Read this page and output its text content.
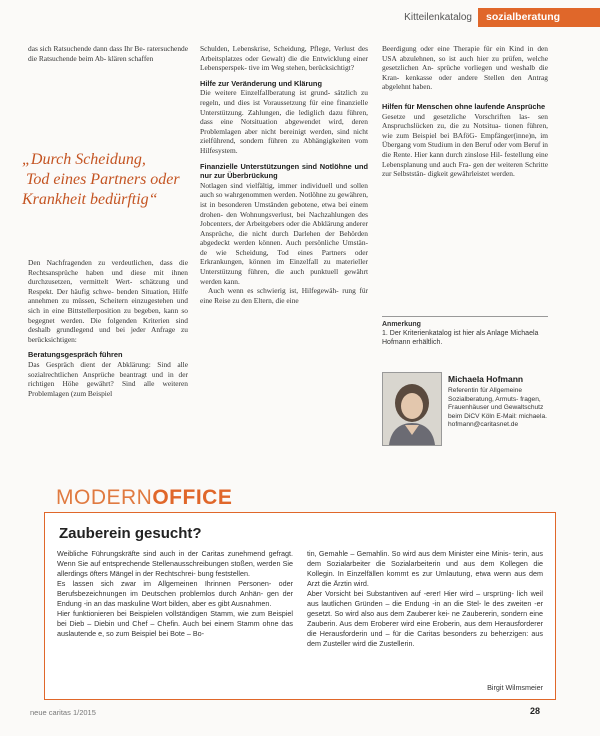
Kitteilenkatalog	sozialberatung

das sich Ratsuchende dann dass Ihr Be- ratersuchende die Ratsuchende beim Ab- klären schaffen

„Durch Scheidung,
Tod eines Partners oder
Krankheit bedürftig“

Den Nachfragenden zu verdeutlichen, dass die Rechtsansprüche haben und diese mit ihnen durchzusetzen, vermittelt Wert- schätzung und Respekt. Der häufig schwe- benden Situation, Hilfe annehmen zu müssen, Scheitern einzugestehen und sich in eine Bittstellerposition zu begeben, kann so begegnet werden. Die folgenden Kriterien sind deshalb grundlegend und bei jeder Anfrage zu berücksichtigen:

Beratungsgespräch führen

Das Gespräch dient der Abklärung: Sind alle sozialrechtlichen Ansprüche beantragt und in der richtigen Höhe gewährt? Sind alle weiteren Problemlagen (zum Beispiel

Schulden, Lebenskrise, Scheidung, Pflege, Verlust des Arbeitsplatzes oder Gewalt) die die Entwicklung einer Lebensperspek- tive im Weg stehen, berücksichtigt?

Hilfe zur Veränderung und Klärung

Die weitere Einzelfallberatung ist grund- sätzlich zu regeln, und dies ist Voraussetzung für eine finanzielle Unterstützung. Zahlungen, die lediglich dazu führen, dass eine Notsituation abgewendet wird, deren Problemlagen aber nicht bereinigt werden, sind nicht zielführend, sondern führen zu Abhängigkeiten vom Hilfesystem.

Finanzielle Unterstützungen sind Notlöhne und nur zur Überbrückung

Notlagen sind vielfältig, immer individuell und sollen auch so wahrgenommen werden. Notlöhne zu gewähren, ist in besonderen Umständen gebotene, etwa bei einem drohen- den Wohnungsverlust, bei Nachzahlungen des Jobcenters, der Arbeitgebers oder die Abklärung anderer Ansprüche, die nicht durch Darlehen der Behörden abgedeckt werden können. Auch persönliche Umstän- de wie Scheidung, Tod eines Partners oder Erkrankungen, können im Einzelfall zu materieller Unterstützung führen, die auch punktuell gewährt werden kann.

Auch wenn es schwierig ist, Hilfegewäh- rung für eine Reise zu den Eltern, die eine

Beerdigung oder eine Therapie für ein Kind in den USA abzulehnen, so ist auch hier zu prüfen, welche gesetzlichen An- sprüche vorliegen und weshalb die Kran- kenkasse oder andere Stellen den Antrag abgelehnt haben.

Hilfen für Menschen ohne laufende Ansprüche

Gesetze und gesetzliche Vorschriften las- sen Anspruchslücken zu, die zu Notsitua- tionen führen, wie zum Beispiel bei BAföG- Empfänger(inne)n, im Übergang vom Studium in den Beruf oder vom Beruf in die Rente. Hier kann durch zinslose Hil- festellung eine Lebensplanung und auch Fra- gen der weiteren Schritte zur Selbststän- digkeit gewährleistet werden.

Anmerkung
1. Der Kriterienkatalog ist hier als Anlage Michaela Hofmann erhältlich.
Michaela Hofmann
Referentin für Allgemeine Sozialberatung, Armuts- fragen, Frauenhäuser und Gewaltschutz beim DiCV Köln E-Mail: michaela. hofmann@caritasnet.de
MODERNOFFICE
Zauberein gesucht?

Weibliche Führungskräfte sind auch in der Caritas zunehmend gefragt. Wenn Sie auf entsprechende Stellenausschreibungen stoßen, werden Sie allerdings öfters Mängel in der Rechtschrei- bung feststellen.

Es lassen sich zwar im Allgemeinen Ihrinnen Personen- oder Berufsbezeichnungen im Deutschen problemlos durch Anhän- gen der Endung -in an das maskuline Wort bilden, aber es gibt Ausnahmen.

Hier funktionieren bei Beispielen vollständigen Stamm, wie zum Beispiel bei Dieb – Diebin und Chef – Chefin. Auch bei einem Stamm ohne das auslautende e, so zum Beispiel bei Bote – Bo-

tin, Gemahle – Gemahlin. So wird aus dem Minister eine Minis- terin, aus dem Sozialarbeiter die Sozialarbeiterin und aus dem Kollegen die Kollegin. In Einzelfällen kommt es zur Umlautung, etwa wenn aus dem Arzt die Ärztin wird.

Aber Vorsicht bei Substantiven auf -erer! Hier wird – ursprüng- lich weil aus lautlichen Gründen – die Endung -in an die Stel- le des zweiten -er gesetzt. So wird also aus dem Zauberer kei- ne Zaubererin, sondern eine Zauberin. Aus dem Eroberer wird eine Eroberin, aus dem Herausforderer die Herausforderin und – für die Caritas besonders zu beherzigen: aus dem Zusteller wird die Zustellerin.

Birgit Wilmsmeier
neue caritas 1/2015	28
